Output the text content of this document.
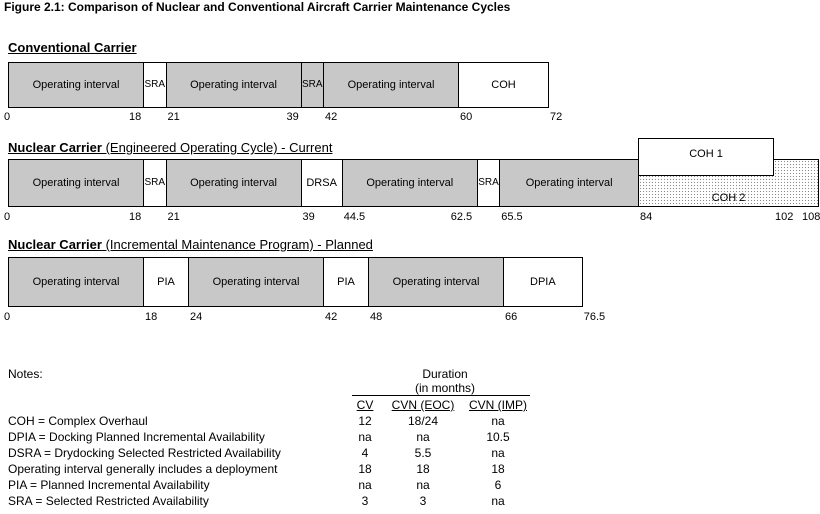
Figure 2.1: Comparison of Nuclear and Conventional Aircraft Carrier Maintenance Cycles
Conventional Carrier
Operating interval	S R A	Operating interval	S R A	Operating interval	COH
0	18 21	39 42	60	72
Nuclear Carrier (Engineered Operating Cycle) - Current
Operating interval	S R A	Operating interval	DRSA	Operating interval	S R A	Operating interval
COH 2
COH 1
0	18 21	39	44.5	62.5	65.5	84	102 108
Nuclear Carrier (Incremental Maintenance Program) - Planned
Operating interval	PIA	Operating interval	PIA	Operating interval	DPIA
0	18	24	42	48	66	76.5
Notes:	Duration
(in months)
CV	CVN (EOC)	CVN (IMP)
COH = Complex Overhaul	12	18/24	na
DPIA = Docking Planned Incremental Availability	na	na	10.5
DSRA = Drydocking Selected Restricted Availability	4	5.5	na
Operating interval generally includes a deployment	18	18	18
PIA = Planned Incremental Availability	na	na	6
SRA = Selected Restricted Availability	3	3	na
